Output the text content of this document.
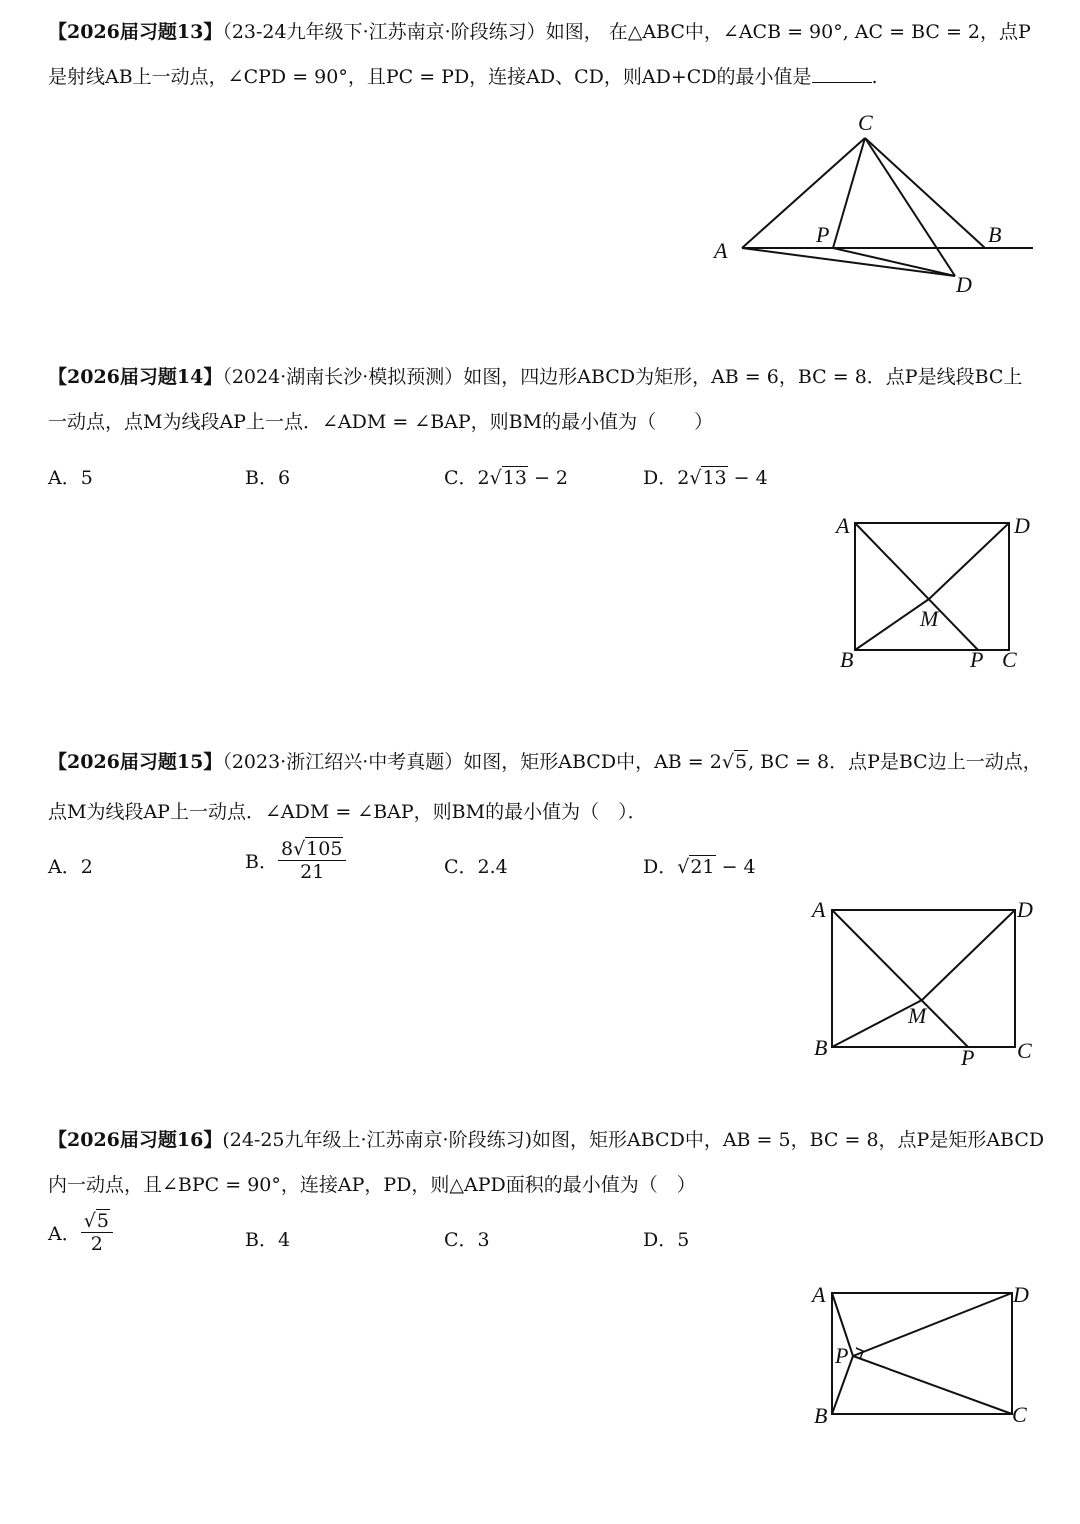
【2026届习题13】（23-24九年级下·江苏南京·阶段练习）如图， 在△ABC中，∠ACB = 90°, AC = BC = 2，点P

是射线AB上一动点，∠CPD = 90°，且PC = PD，连接AD、CD，则AD+CD的最小值是	.

C
A
P	B
D

【2026届习题14】（2024·湖南长沙·模拟预测）如图，四边形ABCD为矩形，AB = 6，BC = 8．点P是线段BC上

一动点，点M为线段AP上一点．∠ADM = ∠BAP，则BM的最小值为（　　）

A．5	B．6	C．2√13 − 2	D．2√13 − 4
A	D
B	P C
M

【2026届习题15】（2023·浙江绍兴·中考真题）如图，矩形ABCD中，AB = 2√5, BC = 8．点P是BC边上一动点，

点M为线段AP上一动点．∠ADM = ∠BAP，则BM的最小值为（　）．

A．2	B． $\frac{8√105}{21}$	C．2.4	D．√21 − 4
A	D
B	P C
M

【2026届习题16】(24-25九年级上·江苏南京·阶段练习)如图，矩形ABCD中，AB = 5，BC = 8，点P是矩形ABCD

内一动点，且∠BPC = 90°，连接AP，PD，则△APD面积的最小值为（　）

A． $\frac{√5}{2}$	B．4	C．3	D．5
A	D
B	C
P
